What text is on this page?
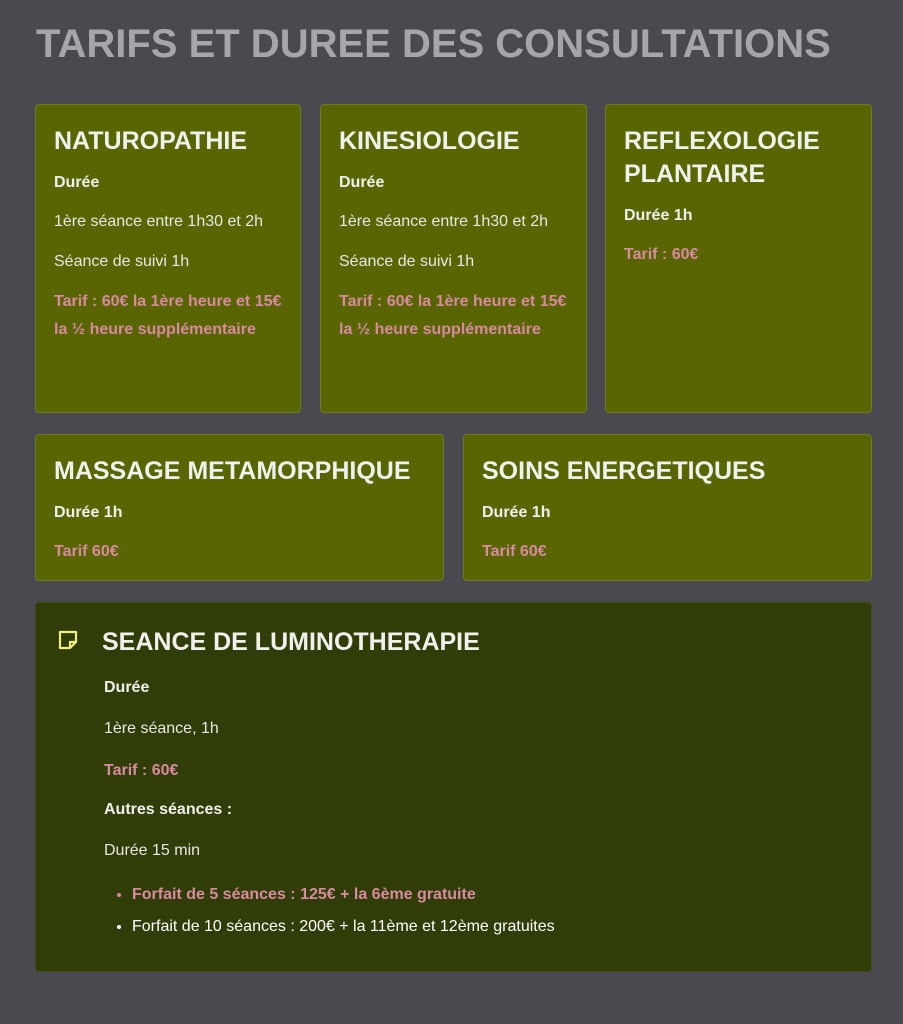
TARIFS ET DUREE DES CONSULTATIONS
NATUROPATHIE

Durée

1ère séance entre 1h30 et 2h

Séance de suivi 1h

Tarif : 60€ la 1ère heure et 15€ la ½ heure supplémentaire

KINESIOLOGIE

Durée

1ère séance entre 1h30 et 2h

Séance de suivi 1h

Tarif : 60€ la 1ère heure et 15€ la ½ heure supplémentaire

REFLEXOLOGIE PLANTAIRE

Durée 1h

Tarif : 60€

MASSAGE METAMORPHIQUE

Durée 1h

Tarif 60€

SOINS ENERGETIQUES

Durée 1h

Tarif 60€

SEANCE DE LUMINOTHERAPIE

Durée

1ère séance, 1h

Tarif : 60€

Autres séances :

Durée 15 min

• Forfait de 5 séances : 125€ + la 6ème gratuite
• Forfait de 10 séances : 200€ + la 11ème et 12ème gratuites
